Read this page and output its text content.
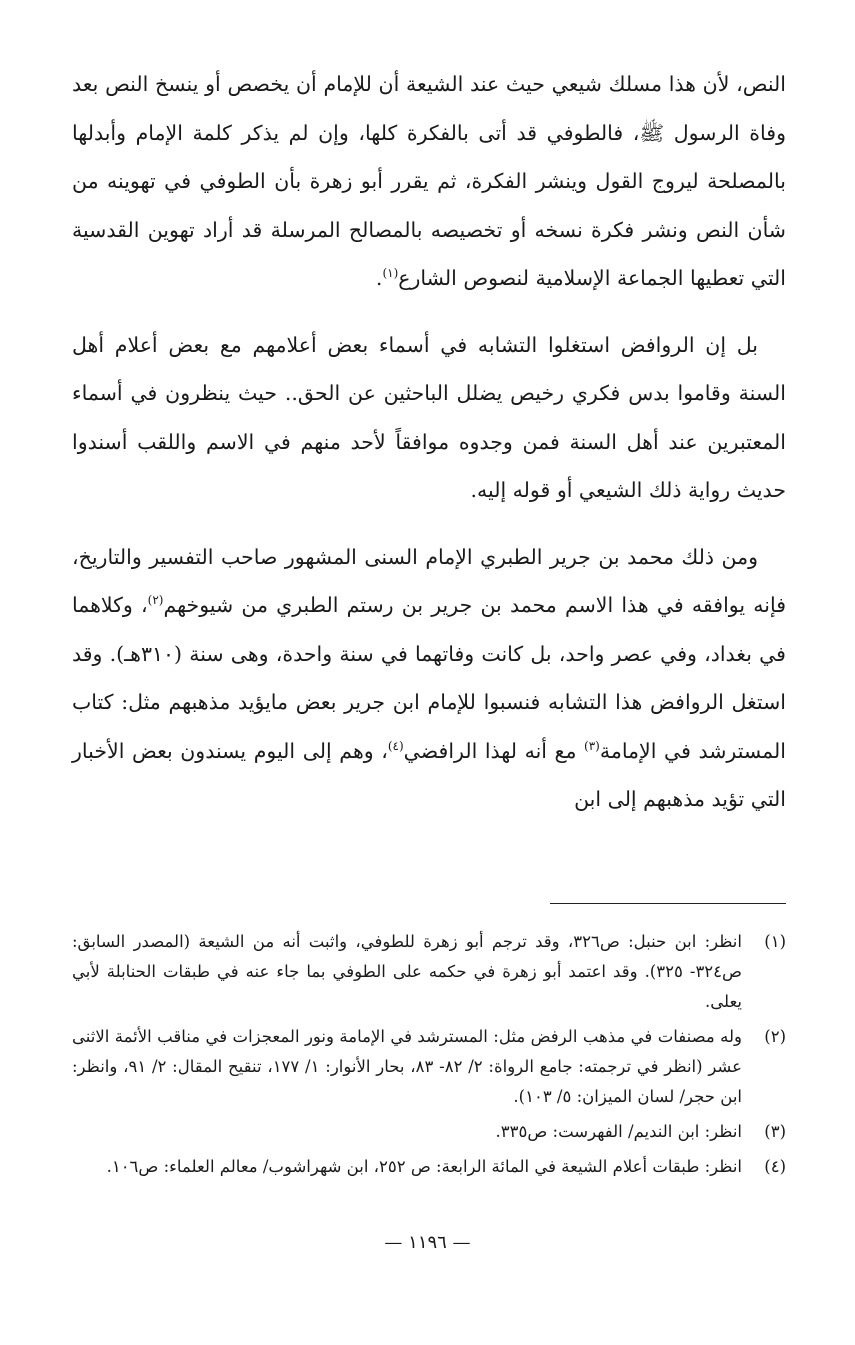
النص، لأن هذا مسلك شيعي حيث عند الشيعة أن للإمام أن يخصص أو ينسخ النص بعد وفاة الرسول ﷺ، فالطوفي قد أتى بالفكرة كلها، وإن لم يذكر كلمة الإمام وأبدلها بالمصلحة ليروج القول وينشر الفكرة، ثم يقرر أبو زهرة بأن الطوفي في تهوينه من شأن النص ونشر فكرة نسخه أو تخصيصه بالمصالح المرسلة قد أراد تهوين القدسية التي تعطيها الجماعة الإسلامية لنصوص الشارع$^{(١)}$.

بل إن الروافض استغلوا التشابه في أسماء بعض أعلامهم مع بعض أعلام أهل السنة وقاموا بدس فكري رخيص يضلل الباحثين عن الحق.. حيث ينظرون في أسماء المعتبرين عند أهل السنة فمن وجدوه موافقاً لأحد منهم في الاسم واللقب أسندوا حديث رواية ذلك الشيعي أو قوله إليه.

ومن ذلك محمد بن جرير الطبري الإمام السنى المشهور صاحب التفسير والتاريخ، فإنه يوافقه في هذا الاسم محمد بن جرير بن رستم الطبري من شيوخهم$^{(٢)}$، وكلاهما في بغداد، وفي عصر واحد، بل كانت وفاتهما في سنة واحدة، وهى سنة (٣١٠هـ). وقد استغل الروافض هذا التشابه فنسبوا للإمام ابن جرير بعض مايؤيد مذهبهم مثل: كتاب المسترشد في الإمامة$^{(٣)}$ مع أنه لهذا الرافضي$^{(٤)}$، وهم إلى اليوم يسندون بعض الأخبار التي تؤيد مذهبهم إلى ابن

(١)
انظر: ابن حنبل: ص٣٢٦، وقد ترجم أبو زهرة للطوفي، واثبت أنه من الشيعة (المصدر السابق: ص٣٢٤- ٣٢٥). وقد اعتمد أبو زهرة في حكمه على الطوفي بما جاء عنه في طبقات الحنابلة لأبي يعلى.
(٢)
وله مصنفات في مذهب الرفض مثل: المسترشد في الإمامة ونور المعجزات في مناقب الأئمة الاثنى عشر (انظر في ترجمته: جامع الرواة: ٢/ ٨٢- ٨٣، بحار الأنوار: ١/ ١٧٧، تنقيح المقال: ٢/ ٩١، وانظر: ابن حجر/ لسان الميزان: ٥/ ١٠٣).
(٣)
انظر: ابن النديم/ الفهرست: ص٣٣٥.
(٤)
انظر: طبقات أعلام الشيعة في المائة الرابعة: ص ٢٥٢، ابن شهراشوب/ معالم العلماء: ص١٠٦.
— ١١٩٦ —
